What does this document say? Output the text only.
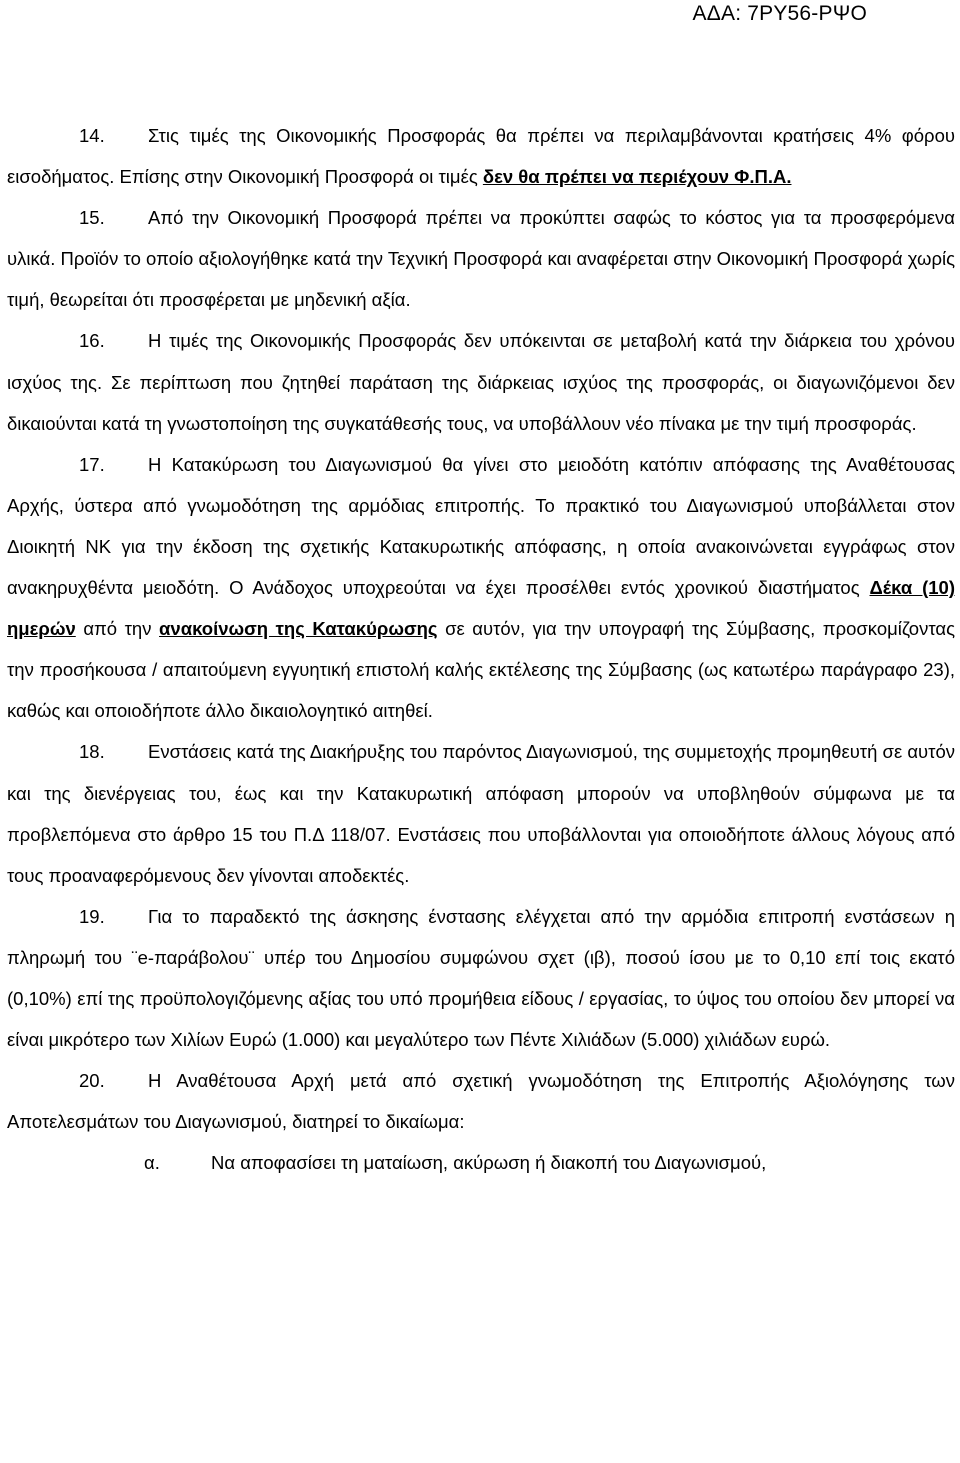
ΑΔΑ: 7ΡΥ56-ΡΨΟ

14. Στις τιμές της Οικονομικής Προσφοράς θα πρέπει να περιλαμβάνονται κρατήσεις 4% φόρου εισοδήματος. Επίσης στην Οικονομική Προσφορά οι τιμές δεν θα πρέπει να περιέχουν Φ.Π.Α.

15. Από την Οικονομική Προσφορά πρέπει να προκύπτει σαφώς το κόστος για τα προσφερόμενα υλικά. Προϊόν το οποίο αξιολογήθηκε κατά την Τεχνική Προσφορά και αναφέρεται στην Οικονομική Προσφορά χωρίς τιμή, θεωρείται ότι προσφέρεται με μηδενική αξία.

16. Η τιμές της Οικονομικής Προσφοράς δεν υπόκεινται σε μεταβολή κατά την διάρκεια του χρόνου ισχύος της. Σε περίπτωση που ζητηθεί παράταση της διάρκειας ισχύος της προσφοράς, οι διαγωνιζόμενοι δεν δικαιούνται κατά τη γνωστοποίηση της συγκατάθεσής τους, να υποβάλλουν νέο πίνακα με την τιμή προσφοράς.

17. Η Κατακύρωση του Διαγωνισμού θα γίνει στο μειοδότη κατόπιν απόφασης της Αναθέτουσας Αρχής, ύστερα από γνωμοδότηση της αρμόδιας επιτροπής. Το πρακτικό του Διαγωνισμού υποβάλλεται στον Διοικητή ΝΚ για την έκδοση της σχετικής Κατακυρωτικής απόφασης, η οποία ανακοινώνεται εγγράφως στον ανακηρυχθέντα μειοδότη. Ο Ανάδοχος υποχρεούται να έχει προσέλθει εντός χρονικού διαστήματος Δέκα (10) ημερών από την ανακοίνωση της Κατακύρωσης σε αυτόν, για την υπογραφή της Σύμβασης, προσκομίζοντας την προσήκουσα / απαιτούμενη εγγυητική επιστολή καλής εκτέλεσης της Σύμβασης (ως κατωτέρω παράγραφο 23), καθώς και οποιοδήποτε άλλο δικαιολογητικό αιτηθεί.

18. Ενστάσεις κατά της Διακήρυξης του παρόντος Διαγωνισμού, της συμμετοχής προμηθευτή σε αυτόν και της διενέργειας του, έως και την Κατακυρωτική απόφαση μπορούν να υποβληθούν σύμφωνα με τα προβλεπόμενα στο άρθρο 15 του Π.Δ 118/07. Ενστάσεις που υποβάλλονται για οποιοδήποτε άλλους λόγους από τους προαναφερόμενους δεν γίνονται αποδεκτές.

19. Για το παραδεκτό της άσκησης ένστασης ελέγχεται από την αρμόδια επιτροπή ενστάσεων η πληρωμή του ¨e-παράβολου¨ υπέρ του Δημοσίου συμφώνου σχετ (ιβ), ποσού ίσου με το 0,10 επί τοις εκατό (0,10%) επί της προϋπολογιζόμενης αξίας του υπό προμήθεια είδους / εργασίας, το ύψος του οποίου δεν μπορεί να είναι μικρότερο των Χιλίων Ευρώ (1.000) και μεγαλύτερο των Πέντε Χιλιάδων (5.000) χιλιάδων ευρώ.

20. Η Αναθέτουσα Αρχή μετά από σχετική γνωμοδότηση της Επιτροπής Αξιολόγησης των Αποτελεσμάτων του Διαγωνισμού, διατηρεί το δικαίωμα:

α.	Να αποφασίσει τη ματαίωση, ακύρωση ή διακοπή του Διαγωνισμού,
